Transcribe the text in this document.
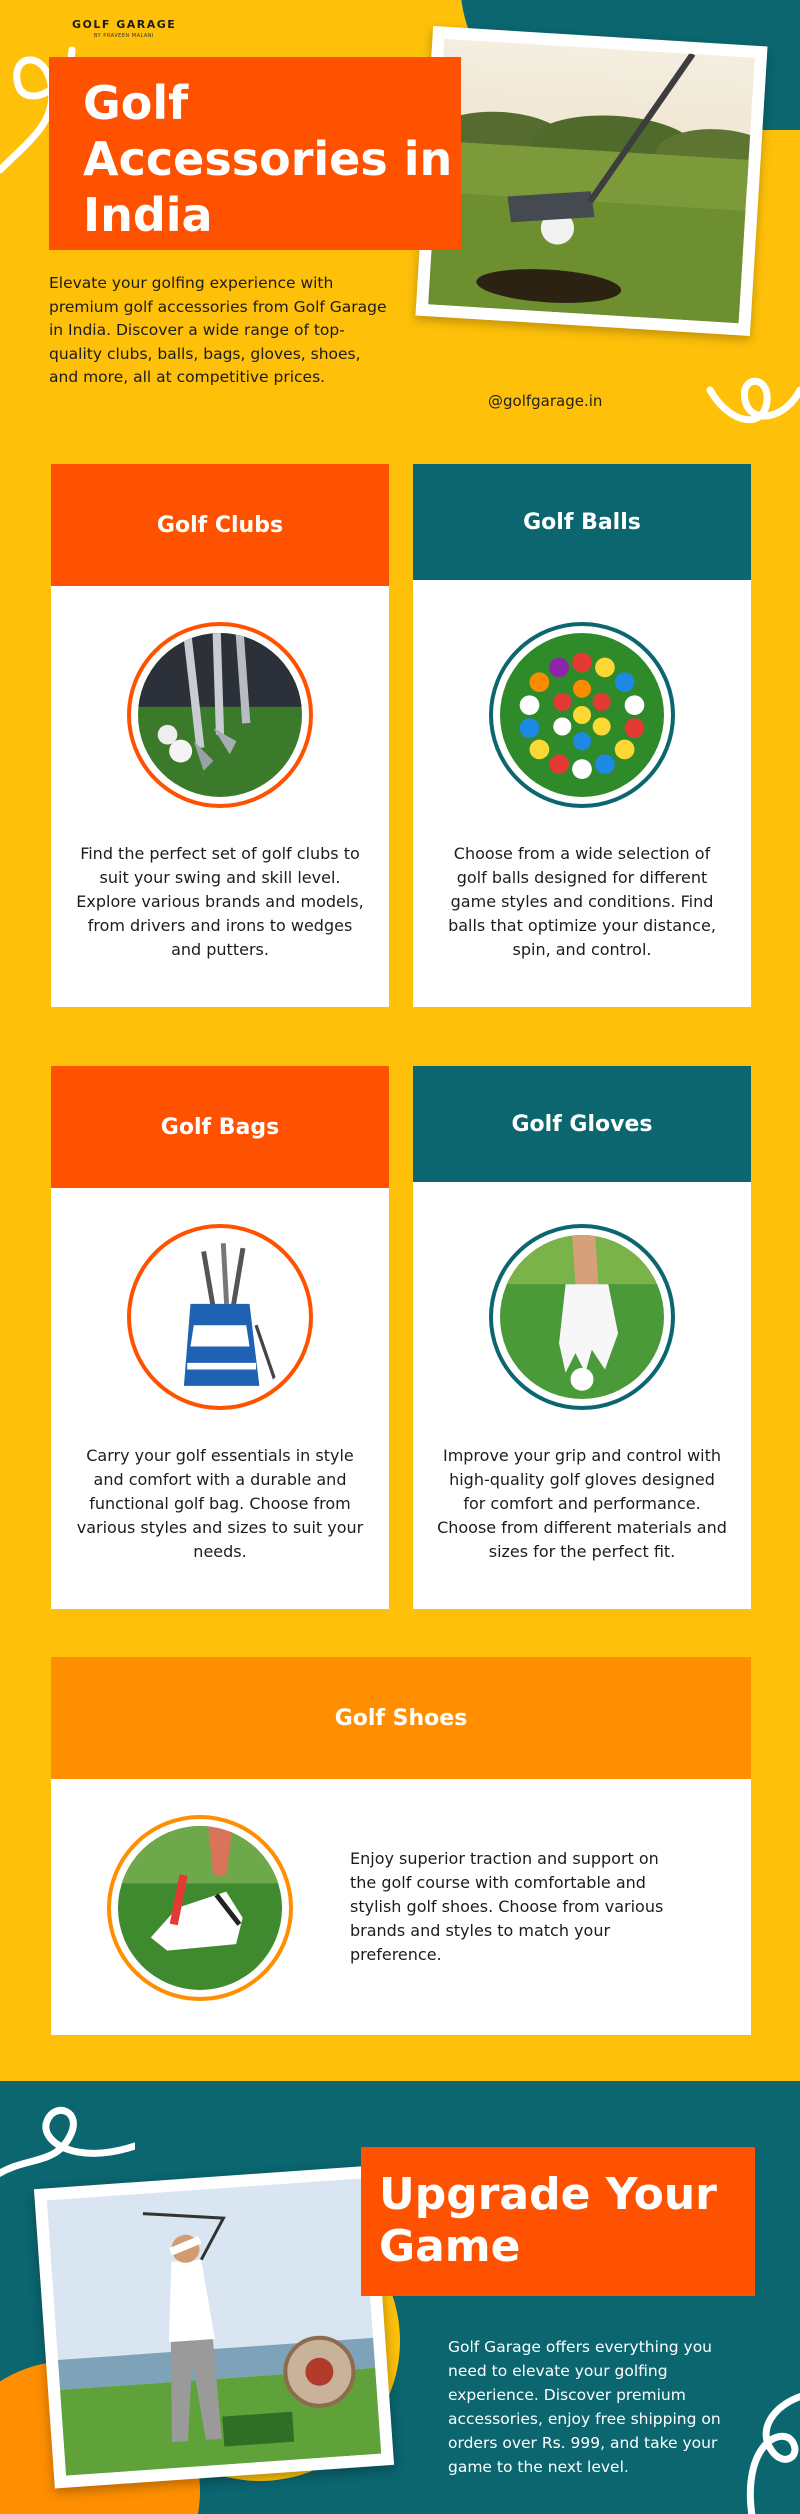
GOLF GARAGE
BY PRAVEEN MALANI
Golf Accessories in India

Elevate your golfing experience with premium golf accessories from Golf Garage in India. Discover a wide range of top-quality clubs, balls, bags, gloves, shoes, and more, all at competitive prices.

@golfgarage.in
Golf Clubs

Find the perfect set of golf clubs to suit your swing and skill level. Explore various brands and models, from drivers and irons to wedges and putters.

Golf Balls

Choose from a wide selection of golf balls designed for different game styles and conditions. Find balls that optimize your distance, spin, and control.

Golf Bags

Carry your golf essentials in style and comfort with a durable and functional golf bag. Choose from various styles and sizes to suit your needs.

Golf Gloves

Improve your grip and control with high-quality golf gloves designed for comfort and performance. Choose from different materials and sizes for the perfect fit.

Golf Shoes

Enjoy superior traction and support on the golf course with comfortable and stylish golf shoes. Choose from various brands and styles to match your preference.

Upgrade Your Game

Golf Garage offers everything you need to elevate your golfing experience. Discover premium accessories, enjoy free shipping on orders over Rs. 999, and take your game to the next level.
